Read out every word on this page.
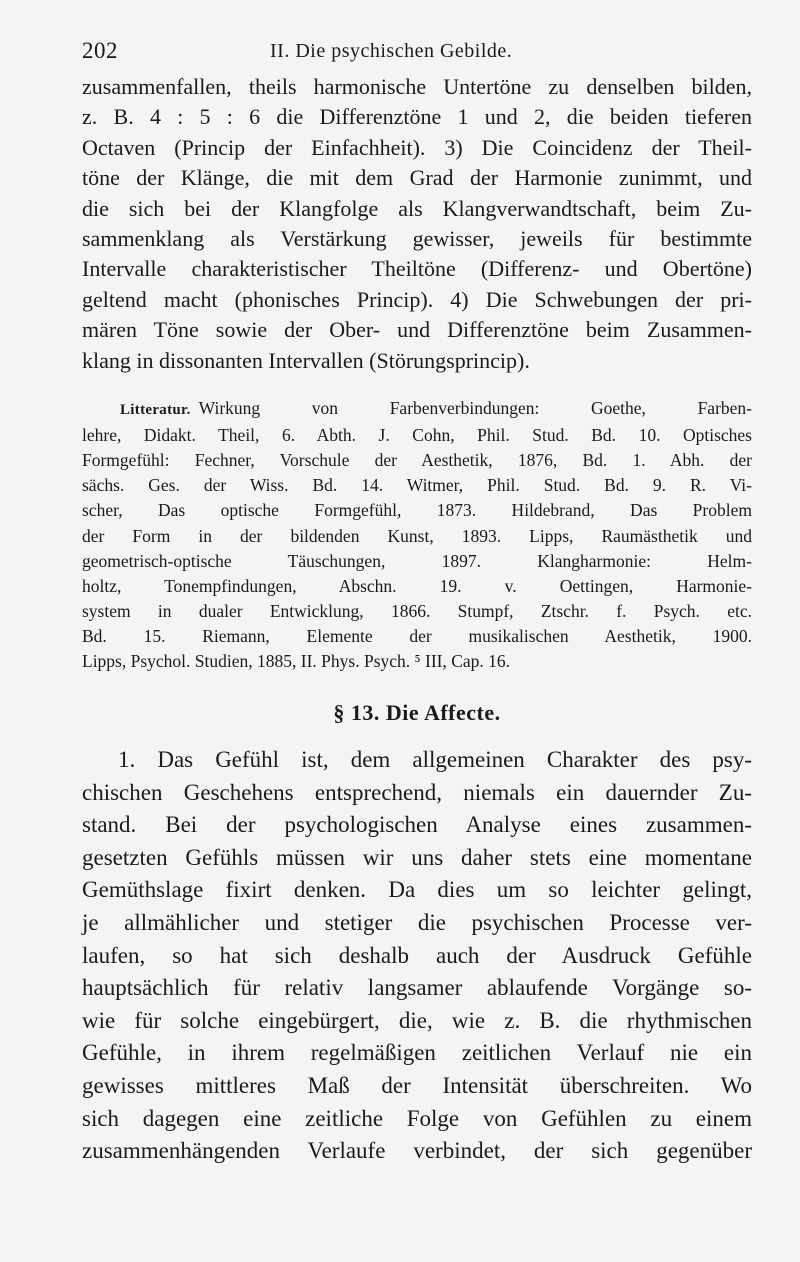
202	II. Die psychischen Gebilde.
zusammenfallen, theils harmonische Untertöne zu denselben bilden,
z. B. 4 : 5 : 6 die Differenztöne 1 und 2, die beiden tieferen
Octaven (Princip der Einfachheit). 3) Die Coincidenz der Theil-
töne der Klänge, die mit dem Grad der Harmonie zunimmt, und
die sich bei der Klangfolge als Klangverwandtschaft, beim Zu-
sammenklang als Verstärkung gewisser, jeweils für bestimmte
Intervalle charakteristischer Theiltöne (Differenz- und Obertöne)
geltend macht (phonisches Princip). 4) Die Schwebungen der pri-
mären Töne sowie der Ober- und Differenztöne beim Zusammen-
klang in dissonanten Intervallen (Störungsprincip).
Litteratur. Wirkung von Farbenverbindungen: Goethe, Farben-
lehre, Didakt. Theil, 6. Abth. J. Cohn, Phil. Stud. Bd. 10. Optisches
Formgefühl: Fechner, Vorschule der Aesthetik, 1876, Bd. 1. Abh. der
sächs. Ges. der Wiss. Bd. 14. Witmer, Phil. Stud. Bd. 9. R. Vi-
scher, Das optische Formgefühl, 1873. Hildebrand, Das Problem
der Form in der bildenden Kunst, 1893. Lipps, Raumästhetik und
geometrisch-optische Täuschungen, 1897. Klangharmonie: Helm-
holtz, Tonempfindungen, Abschn. 19. v. Oettingen, Harmonie-
system in dualer Entwicklung, 1866. Stumpf, Ztschr. f. Psych. etc.
Bd. 15. Riemann, Elemente der musikalischen Aesthetik, 1900.
Lipps, Psychol. Studien, 1885, II. Phys. Psych. ⁵ III, Cap. 16.
§ 13. Die Affecte.
1. Das Gefühl ist, dem allgemeinen Charakter des psy-
chischen Geschehens entsprechend, niemals ein dauernder Zu-
stand. Bei der psychologischen Analyse eines zusammen-
gesetzten Gefühls müssen wir uns daher stets eine momentane
Gemüthslage fixirt denken. Da dies um so leichter gelingt,
je allmählicher und stetiger die psychischen Processe ver-
laufen, so hat sich deshalb auch der Ausdruck Gefühle
hauptsächlich für relativ langsamer ablaufende Vorgänge so-
wie für solche eingebürgert, die, wie z. B. die rhythmischen
Gefühle, in ihrem regelmäßigen zeitlichen Verlauf nie ein
gewisses mittleres Maß der Intensität überschreiten. Wo
sich dagegen eine zeitliche Folge von Gefühlen zu einem
zusammenhängenden Verlaufe verbindet, der sich gegenüber
